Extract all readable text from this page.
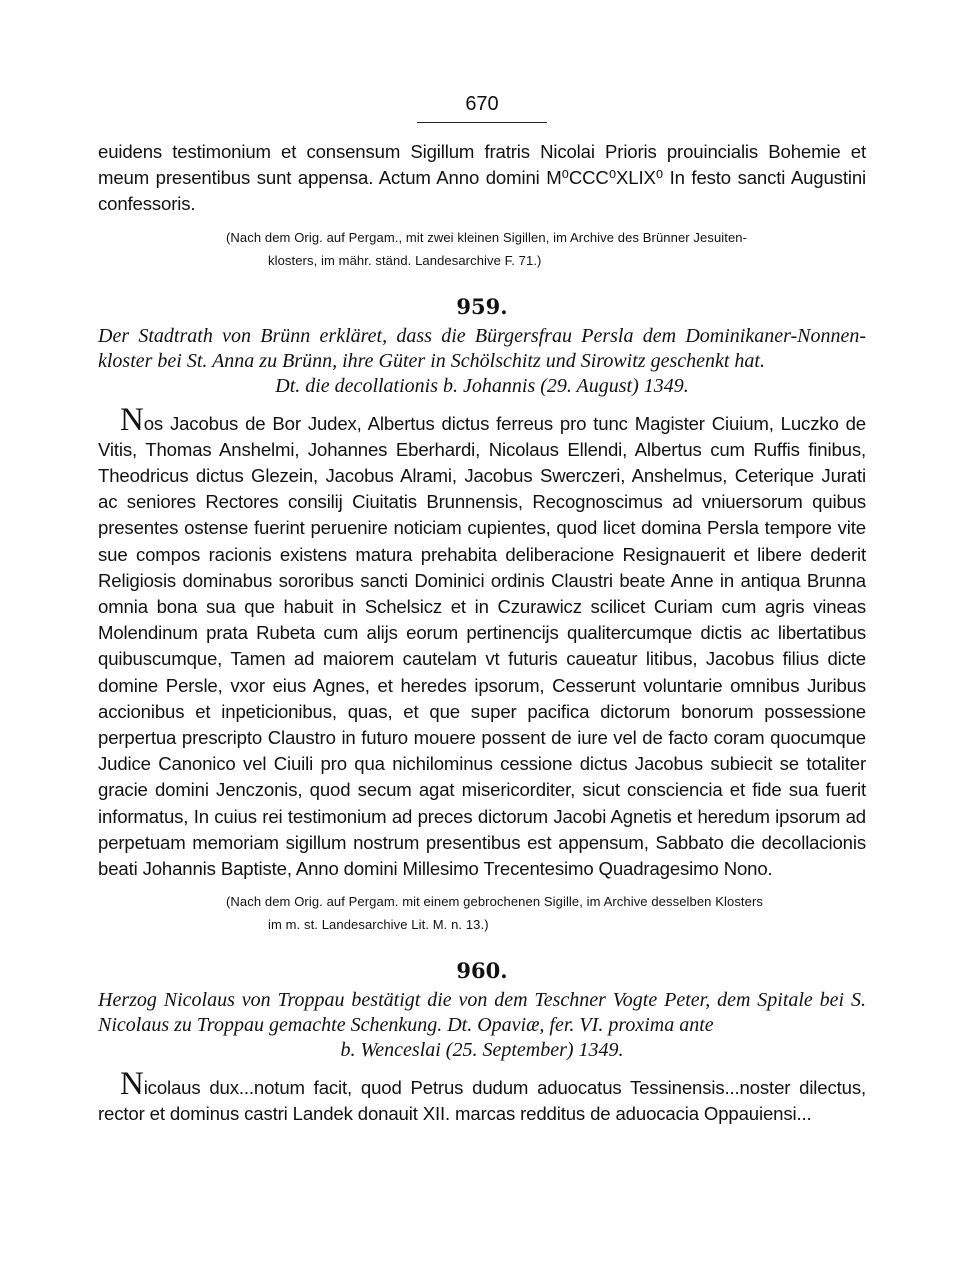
670

euidens testimonium et consensum Sigillum fratris Nicolai Prioris prouincialis Bohemie et meum presentibus sunt appensa. Actum Anno domini M⁰CCC⁰XLIX⁰ In festo sancti Augustini confessoris.

(Nach dem Orig. auf Pergam., mit zwei kleinen Sigillen, im Archive des Brünner Jesuiten-
klosters, im mähr. ständ. Landesarchive F. 71.)

959.

Der Stadtrath von Brünn erkläret, dass die Bürgersfrau Persla dem Dominikaner-Nonnen- kloster bei St. Anna zu Brünn, ihre Güter in Schölschitz und Sirowitz geschenkt hat.
Dt. die decollationis b. Johannis (29. August) 1349.

Nos Jacobus de Bor Judex, Albertus dictus ferreus pro tunc Magister Ciuium, Luczko de Vitis, Thomas Anshelmi, Johannes Eberhardi, Nicolaus Ellendi, Albertus cum Ruffis finibus, Theodricus dictus Glezein, Jacobus Alrami, Jacobus Swerczeri, Anshelmus, Ceterique Jurati ac seniores Rectores consilij Ciuitatis Brunnensis, Recognoscimus ad vniuersorum quibus presentes ostense fuerint peruenire noticiam cupientes, quod licet domina Persla tempore vite sue compos racionis existens matura prehabita deliberacione Resignauerit et libere dederit Religiosis dominabus sororibus sancti Dominici ordinis Claustri beate Anne in antiqua Brunna omnia bona sua que habuit in Schelsicz et in Czurawicz scilicet Curiam cum agris vineas Molendinum prata Rubeta cum alijs eorum pertinencijs qualitercumque dictis ac libertatibus quibuscumque, Tamen ad maiorem cautelam vt futuris caueatur litibus, Jacobus filius dicte domine Persle, vxor eius Agnes, et heredes ipsorum, Cesserunt voluntarie omnibus Juribus accionibus et inpeticionibus, quas, et que super pacifica dictorum bonorum possessione perpertua prescripto Claustro in futuro mouere possent de iure vel de facto coram quocumque Judice Canonico vel Ciuili pro qua nichilominus cessione dictus Jacobus subiecit se totaliter gracie domini Jenczonis, quod secum agat misericorditer, sicut consciencia et fide sua fuerit informatus, In cuius rei testimonium ad preces dictorum Jacobi Agnetis et heredum ipsorum ad perpetuam memoriam sigillum nostrum presentibus est appensum, Sabbato die decollacionis beati Johannis Baptiste, Anno domini Millesimo Trecentesimo Quadragesimo Nono.

(Nach dem Orig. auf Pergam. mit einem gebrochenen Sigille, im Archive desselben Klosters
im m. st. Landesarchive Lit. M. n. 13.)

960.

Herzog Nicolaus von Troppau bestätigt die von dem Teschner Vogte Peter, dem Spitale bei S. Nicolaus zu Troppau gemachte Schenkung. Dt. Opaviæ, fer. VI. proxima ante
b. Wenceslai (25. September) 1349.

Nicolaus dux...notum facit, quod Petrus dudum aduocatus Tessinensis...noster dilectus, rector et dominus castri Landek donauit XII. marcas redditus de aduocacia Oppauiensi...
